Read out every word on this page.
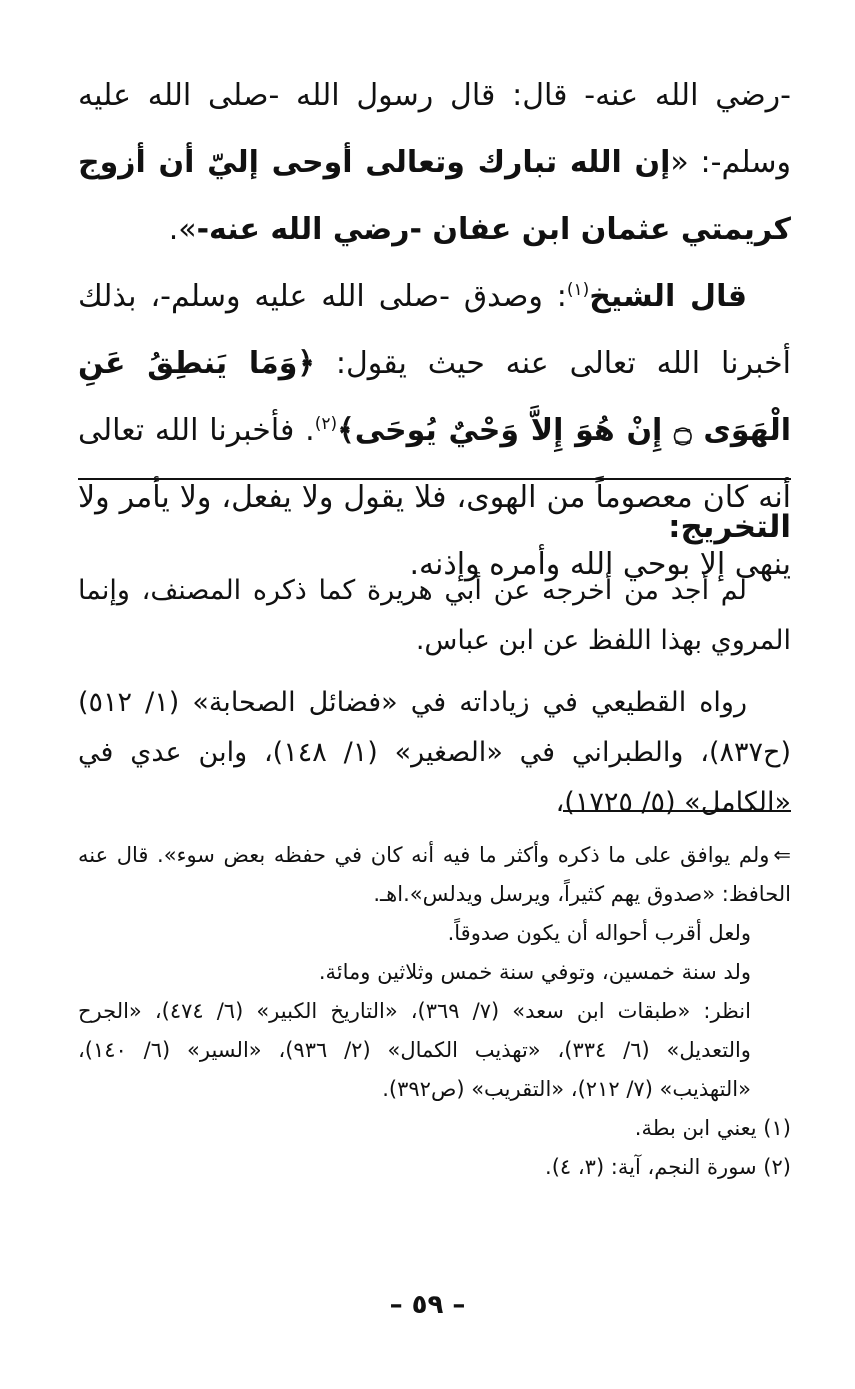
-رضي الله عنه- قال: قال رسول الله -صلى الله عليه وسلم-: «إن الله تبارك وتعالى أوحى إليّ أن أزوج كريمتي عثمان ابن عفان -رضي الله عنه-».

قال الشيخ$^{(١)}$: وصدق -صلى الله عليه وسلم-، بذلك أخبرنا الله تعالى عنه حيث يقول: ﴿وَمَا يَنطِقُ عَنِ الْهَوَى ۝ إِنْ هُوَ إِلاَّ وَحْيٌ يُوحَى﴾$^{(٢)}$. فأخبرنا الله تعالى أنه كان معصوماً من الهوى، فلا يقول ولا يفعل، ولا يأمر ولا ينهى إلا بوحي الله وأمره وإذنه.

التخريج:

لم أجد من أخرجه عن أبي هريرة كما ذكره المصنف، وإنما المروي بهذا اللفظ عن ابن عباس.

رواه القطيعي في زياداته في «فضائل الصحابة» (١/ ٥١٢) (ح٨٣٧)، والطبراني في «الصغير» (١/ ١٤٨)، وابن عدي في «الكامل» (٥/ ١٧٢٥)،

⇐ولم يوافق على ما ذكره وأكثر ما فيه أنه كان في حفظه بعض سوء». قال عنه الحافظ: «صدوق يهم كثيراً، ويرسل ويدلس».اهـ.

ولعل أقرب أحواله أن يكون صدوقاً.

ولد سنة خمسين، وتوفي سنة خمس وثلاثين ومائة.

انظر: «طبقات ابن سعد» (٧/ ٣٦٩)، «التاريخ الكبير» (٦/ ٤٧٤)، «الجرح والتعديل» (٦/ ٣٣٤)، «تهذيب الكمال» (٢/ ٩٣٦)، «السير» (٦/ ١٤٠)، «التهذيب» (٧/ ٢١٢)، «التقريب» (ص٣٩٢).

(١) يعني ابن بطة.

(٢) سورة النجم، آية: (٣، ٤).

– ٥٩ –
